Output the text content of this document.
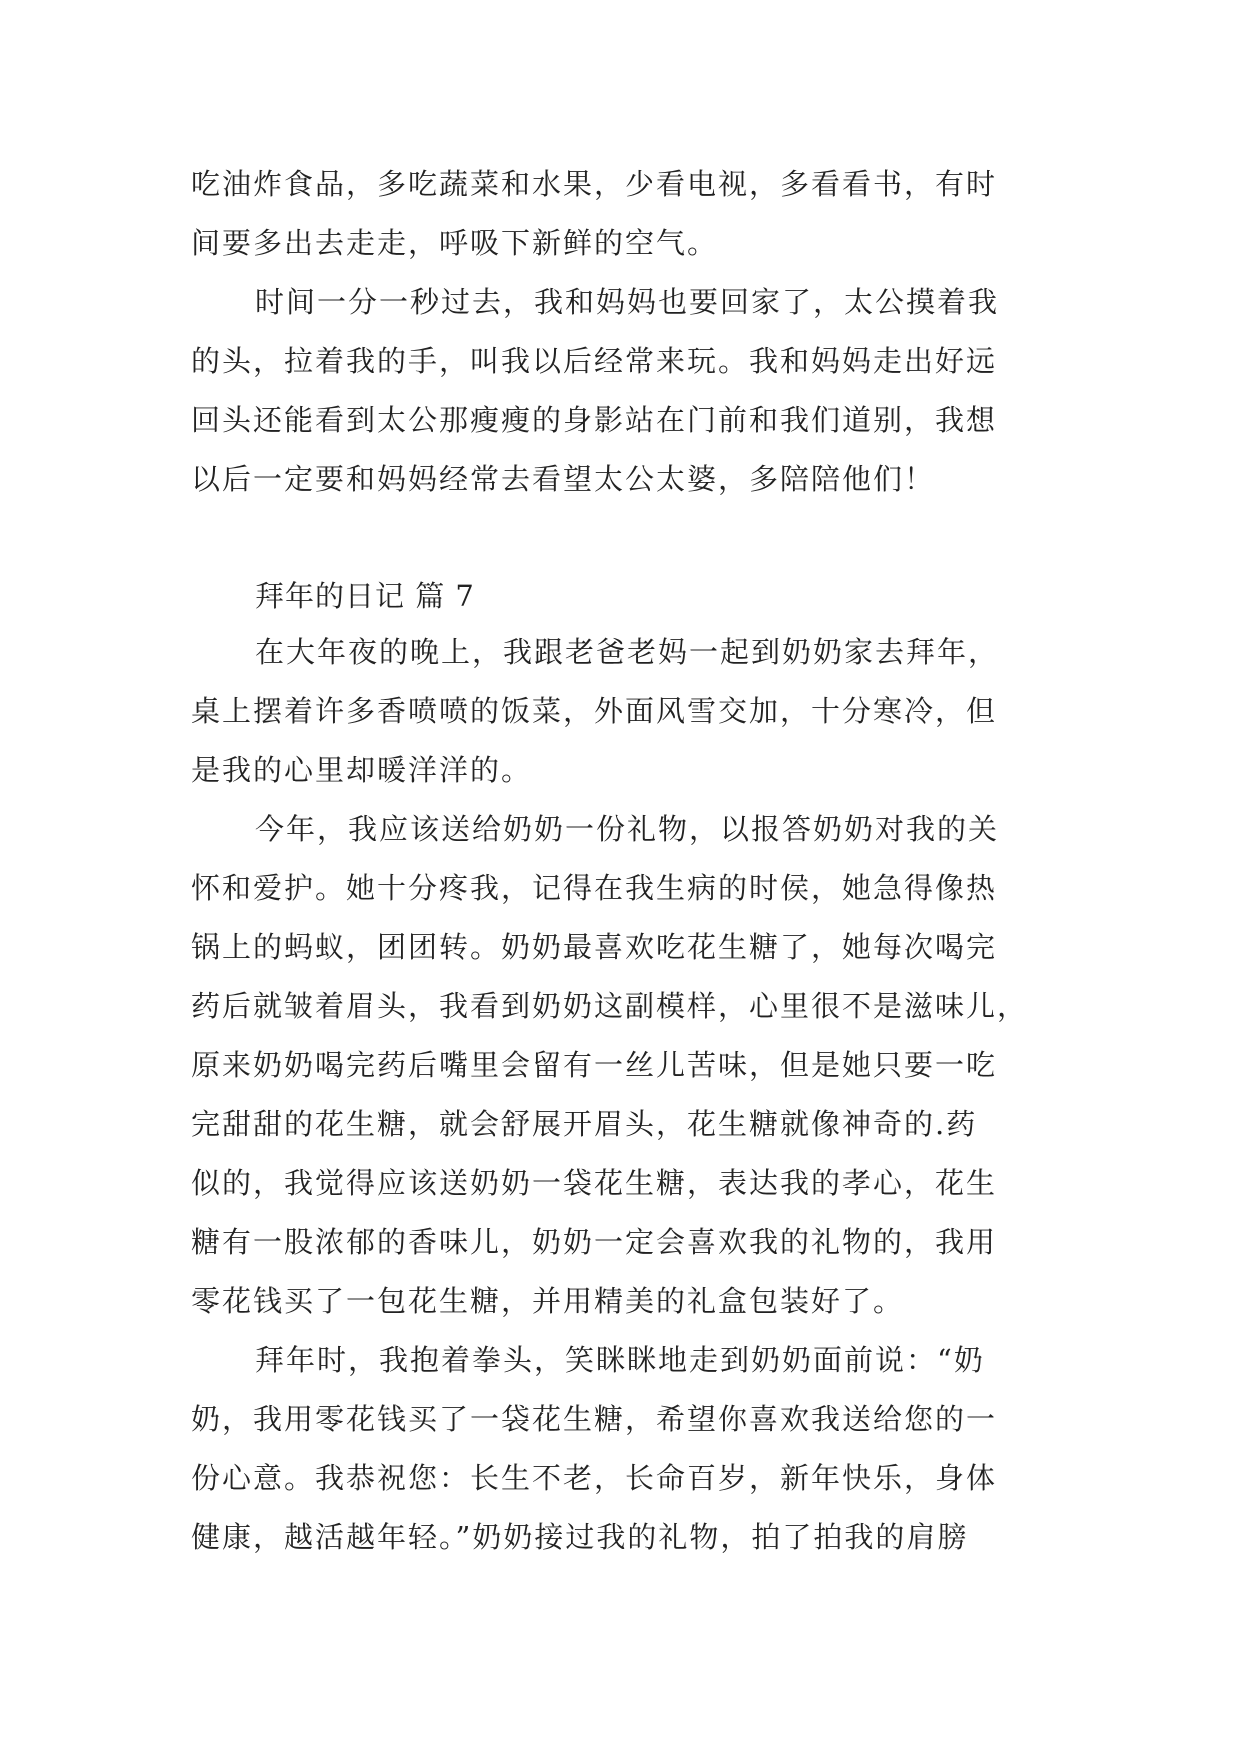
吃油炸食品，多吃蔬菜和水果，少看电视，多看看书，有时
间要多出去走走，呼吸下新鲜的空气。
时间一分一秒过去，我和妈妈也要回家了，太公摸着我
的头，拉着我的手，叫我以后经常来玩。我和妈妈走出好远
回头还能看到太公那瘦瘦的身影站在门前和我们道别，我想
以后一定要和妈妈经常去看望太公太婆，多陪陪他们！
拜年的日记 篇 7
在大年夜的晚上，我跟老爸老妈一起到奶奶家去拜年，
桌上摆着许多香喷喷的饭菜，外面风雪交加，十分寒冷，但
是我的心里却暖洋洋的。
今年，我应该送给奶奶一份礼物，以报答奶奶对我的关
怀和爱护。她十分疼我，记得在我生病的时侯，她急得像热
锅上的蚂蚁，团团转。奶奶最喜欢吃花生糖了，她每次喝完
药后就皱着眉头，我看到奶奶这副模样，心里很不是滋味儿，
原来奶奶喝完药后嘴里会留有一丝儿苦味，但是她只要一吃
完甜甜的花生糖，就会舒展开眉头，花生糖就像神奇的.药
似的，我觉得应该送奶奶一袋花生糖，表达我的孝心，花生
糖有一股浓郁的香味儿，奶奶一定会喜欢我的礼物的，我用
零花钱买了一包花生糖，并用精美的礼盒包装好了。
拜年时，我抱着拳头，笑眯眯地走到奶奶面前说：“奶
奶，我用零花钱买了一袋花生糖，希望你喜欢我送给您的一
份心意。我恭祝您：长生不老，长命百岁，新年快乐，身体
健康，越活越年轻。”奶奶接过我的礼物，拍了拍我的肩膀
